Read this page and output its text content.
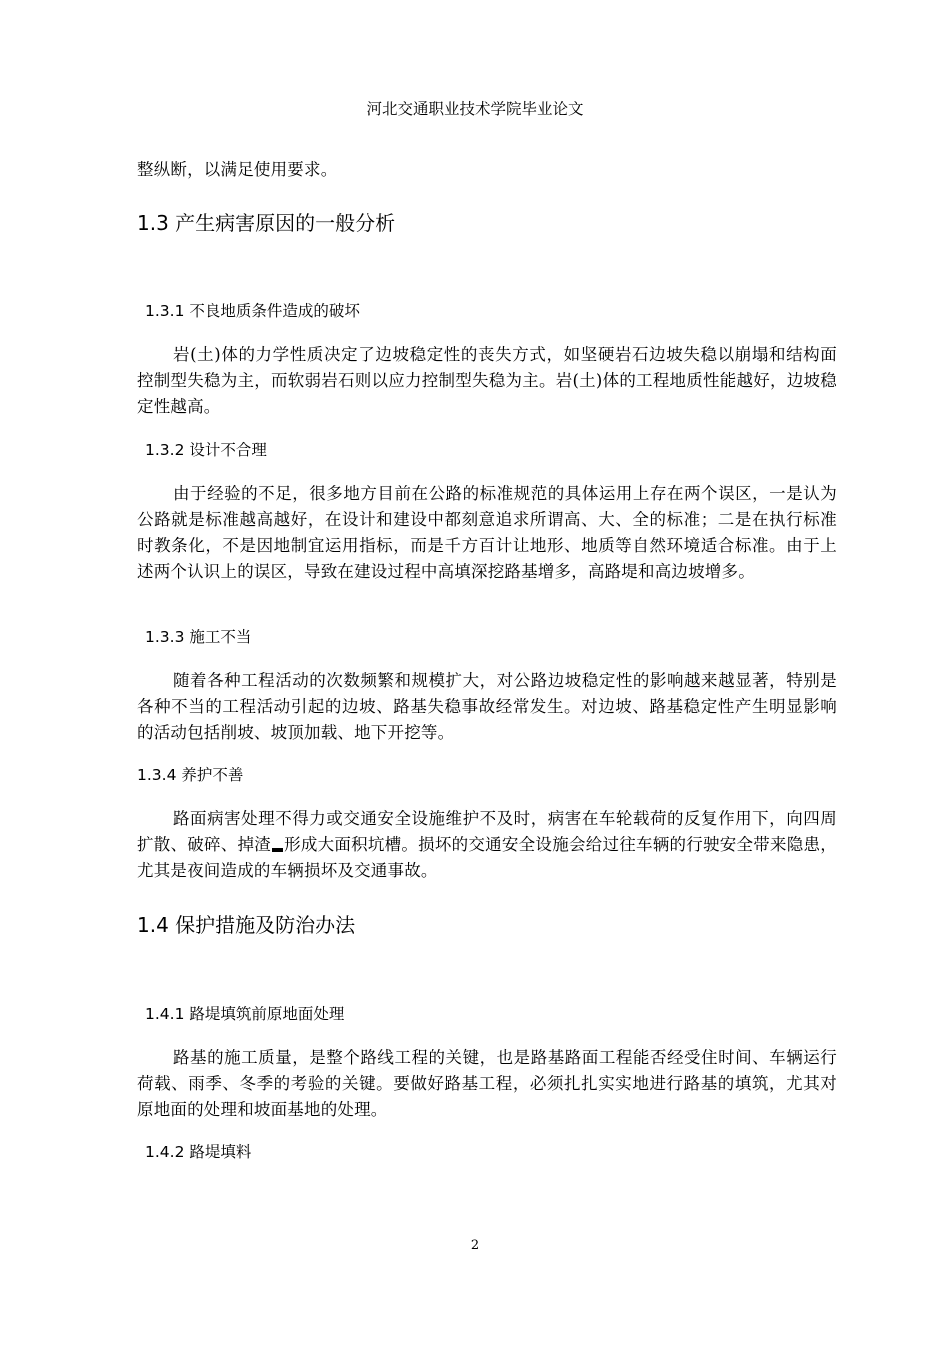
河北交通职业技术学院毕业论文
整纵断，以满足使用要求。
1.3 产生病害原因的一般分析
1.3.1 不良地质条件造成的破坏
岩(土)体的力学性质决定了边坡稳定性的丧失方式，如坚硬岩石边坡失稳以崩塌和结构面控制型失稳为主，而软弱岩石则以应力控制型失稳为主。岩(土)体的工程地质性能越好，边坡稳定性越高。
1.3.2 设计不合理
由于经验的不足，很多地方目前在公路的标准规范的具体运用上存在两个误区，一是认为公路就是标准越高越好，在设计和建设中都刻意追求所谓高、大、全的标准；二是在执行标准时教条化，不是因地制宜运用指标，而是千方百计让地形、地质等自然环境适合标准。由于上述两个认识上的误区，导致在建设过程中高填深挖路基增多，高路堤和高边坡增多。
1.3.3 施工不当
随着各种工程活动的次数频繁和规模扩大，对公路边坡稳定性的影响越来越显著，特别是各种不当的工程活动引起的边坡、路基失稳事故经常发生。对边坡、路基稳定性产生明显影响的活动包括削坡、坡顶加载、地下开挖等。
1.3.4 养护不善
路面病害处理不得力或交通安全设施维护不及时，病害在车轮载荷的反复作用下，向四周扩散、破碎、掉渣 形成大面积坑槽。损坏的交通安全设施会给过往车辆的行驶安全带来隐患，尤其是夜间造成的车辆损坏及交通事故。
1.4 保护措施及防治办法
1.4.1 路堤填筑前原地面处理
路基的施工质量，是整个路线工程的关键，也是路基路面工程能否经受住时间、车辆运行荷载、雨季、冬季的考验的关键。要做好路基工程，必须扎扎实实地进行路基的填筑，尤其对原地面的处理和坡面基地的处理。
1.4.2 路堤填料
2
